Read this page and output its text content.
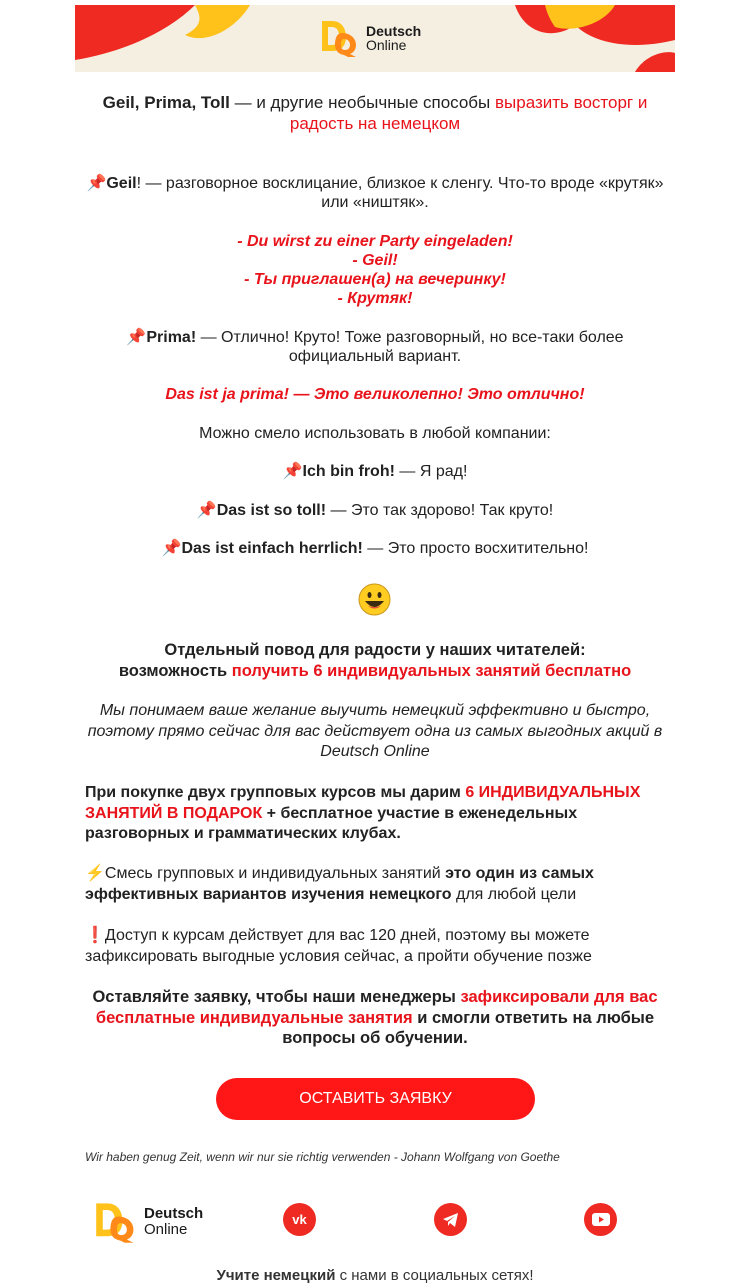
Deutsch
Online
Geil, Prima, Toll — и другие необычные способы выразить восторг и радость на немецком
📌Geil! — разговорное восклицание, близкое к сленгу. Что-то вроде «крутяк» или «ништяк».
- Du wirst zu einer Party eingeladen!
- Geil!
- Ты приглашен(а) на вечеринку!
- Крутяк!
📌Prima! — Отлично! Круто! Тоже разговорный, но все-таки более официальный вариант.
Das ist ja prima! — Это великолепно! Это отлично!
Можно смело использовать в любой компании:
📌Ich bin froh! — Я рад!
📌Das ist so toll! — Это так здорово! Так круто!
📌Das ist einfach herrlich! — Это просто восхитительно!
Отдельный повод для радости у наших читателей:
возможность получить 6 индивидуальных занятий бесплатно
Мы понимаем ваше желание выучить немецкий эффективно и быстро, поэтому прямо сейчас для вас действует одна из самых выгодных акций в Deutsch Online
При покупке двух групповых курсов мы дарим 6 ИНДИВИДУАЛЬНЫХ ЗАНЯТИЙ В ПОДАРОК + бесплатное участие в еженедельных разговорных и грамматических клубах.
⚡Смесь групповых и индивидуальных занятий это один из самых эффективных вариантов изучения немецкого для любой цели
❗Доступ к курсам действует для вас 120 дней, поэтому вы можете зафиксировать выгодные условия сейчас, а пройти обучение позже
Оставляйте заявку, чтобы наши менеджеры зафиксировали для вас бесплатные индивидуальные занятия и смогли ответить на любые вопросы об обучении.
ОСТАВИТЬ ЗАЯВКУ
Wir haben genug Zeit, wenn wir nur sie richtig verwenden - Johann Wolfgang von Goethe
Deutsch
Online
vk
Учите немецкий с нами в социальных сетях!
